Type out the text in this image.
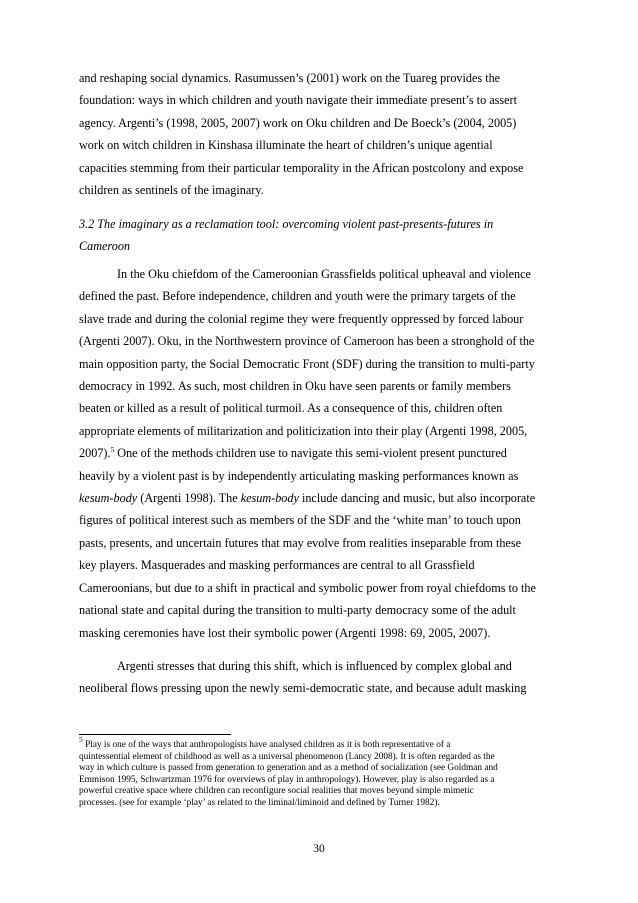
and reshaping social dynamics. Rasumussen’s (2001) work on the Tuareg provides the
foundation: ways in which children and youth navigate their immediate present’s to assert
agency. Argenti’s (1998, 2005, 2007) work on Oku children and De Boeck’s (2004, 2005)
work on witch children in Kinshasa illuminate the heart of children’s unique agential
capacities stemming from their particular temporality in the African postcolony and expose
children as sentinels of the imaginary.
3.2 The imaginary as a reclamation tool: overcoming violent past-presents-futures in
Cameroon
In the Oku chiefdom of the Cameroonian Grassfields political upheaval and violence
defined the past. Before independence, children and youth were the primary targets of the
slave trade and during the colonial regime they were frequently oppressed by forced labour
(Argenti 2007). Oku, in the Northwestern province of Cameroon has been a stronghold of the
main opposition party, the Social Democratic Front (SDF) during the transition to multi-party
democracy in 1992. As such, most children in Oku have seen parents or family members
beaten or killed as a result of political turmoil. As a consequence of this, children often
appropriate elements of militarization and politicization into their play (Argenti 1998, 2005,
2007).$^5$ One of the methods children use to navigate this semi-violent present punctured
heavily by a violent past is by independently articulating masking performances known as
kesum-body (Argenti 1998). The kesum-body include dancing and music, but also incorporate
figures of political interest such as members of the SDF and the ‘white man’ to touch upon
pasts, presents, and uncertain futures that may evolve from realities inseparable from these
key players. Masquerades and masking performances are central to all Grassfield
Cameroonians, but due to a shift in practical and symbolic power from royal chiefdoms to the
national state and capital during the transition to multi-party democracy some of the adult
masking ceremonies have lost their symbolic power (Argenti 1998: 69, 2005, 2007).
Argenti stresses that during this shift, which is influenced by complex global and
neoliberal flows pressing upon the newly semi-democratic state, and because adult masking
$^5$ Play is one of the ways that anthropologists have analysed children as it is both representative of a
quintessential element of childhood as well as a universal phenomenon (Lancy 2008). It is often regarded as the
way in which culture is passed from generation to generation and as a method of socialization (see Goldman and
Emmison 1995, Schwartzman 1976 for overviews of play in anthropology). However, play is also regarded as a
powerful creative space where children can reconfigure social realities that moves beyond simple mimetic
processes. (see for example ‘play’ as related to the liminal/liminoid and defined by Turner 1982).
30
